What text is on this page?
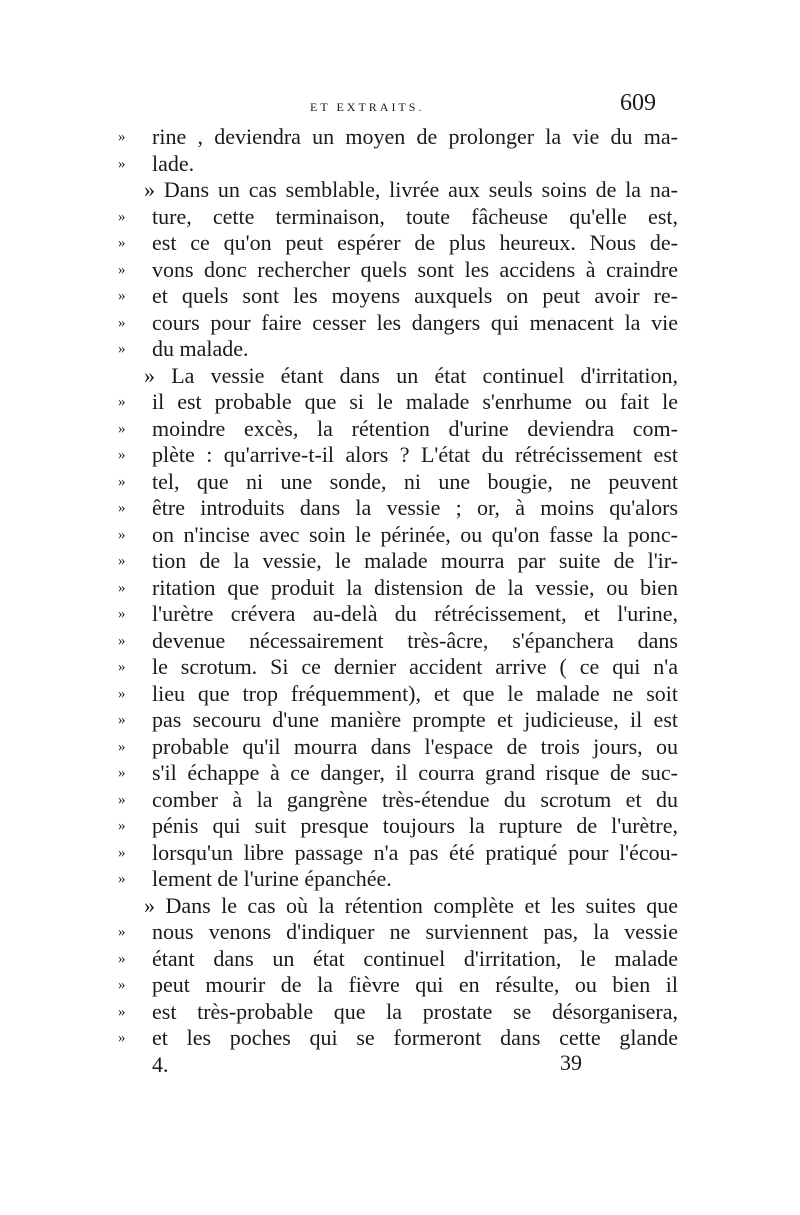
ET EXTRAITS.	609
»	rine , deviendra un moyen de prolonger la vie du ma-
»	lade.
» Dans un cas semblable, livrée aux seuls soins de la na-
»	ture, cette terminaison, toute fâcheuse qu'elle est,
»	est ce qu'on peut espérer de plus heureux. Nous de-
»	vons donc rechercher quels sont les accidens à craindre
»	et quels sont les moyens auxquels on peut avoir re-
»	cours pour faire cesser les dangers qui menacent la vie
»	du malade.
» La vessie étant dans un état continuel d'irritation,
»	il est probable que si le malade s'enrhume ou fait le
»	moindre excès, la rétention d'urine deviendra com-
»	plète : qu'arrive-t-il alors ? L'état du rétrécissement est
»	tel, que ni une sonde, ni une bougie, ne peuvent
»	être introduits dans la vessie ; or, à moins qu'alors
»	on n'incise avec soin le périnée, ou qu'on fasse la ponc-
»	tion de la vessie, le malade mourra par suite de l'ir-
»	ritation que produit la distension de la vessie, ou bien
»	l'urètre crévera au-delà du rétrécissement, et l'urine,
»	devenue nécessairement très-âcre, s'épanchera dans
»	le scrotum. Si ce dernier accident arrive ( ce qui n'a
»	lieu que trop fréquemment), et que le malade ne soit
»	pas secouru d'une manière prompte et judicieuse, il est
»	probable qu'il mourra dans l'espace de trois jours, ou
»	s'il échappe à ce danger, il courra grand risque de suc-
»	comber à la gangrène très-étendue du scrotum et du
»	pénis qui suit presque toujours la rupture de l'urètre,
»	lorsqu'un libre passage n'a pas été pratiqué pour l'écou-
»	lement de l'urine épanchée.
» Dans le cas où la rétention complète et les suites que
»	nous venons d'indiquer ne surviennent pas, la vessie
»	étant dans un état continuel d'irritation, le malade
»	peut mourir de la fièvre qui en résulte, ou bien il
»	est très-probable que la prostate se désorganisera,
»	et les poches qui se formeront dans cette glande
4.	39
